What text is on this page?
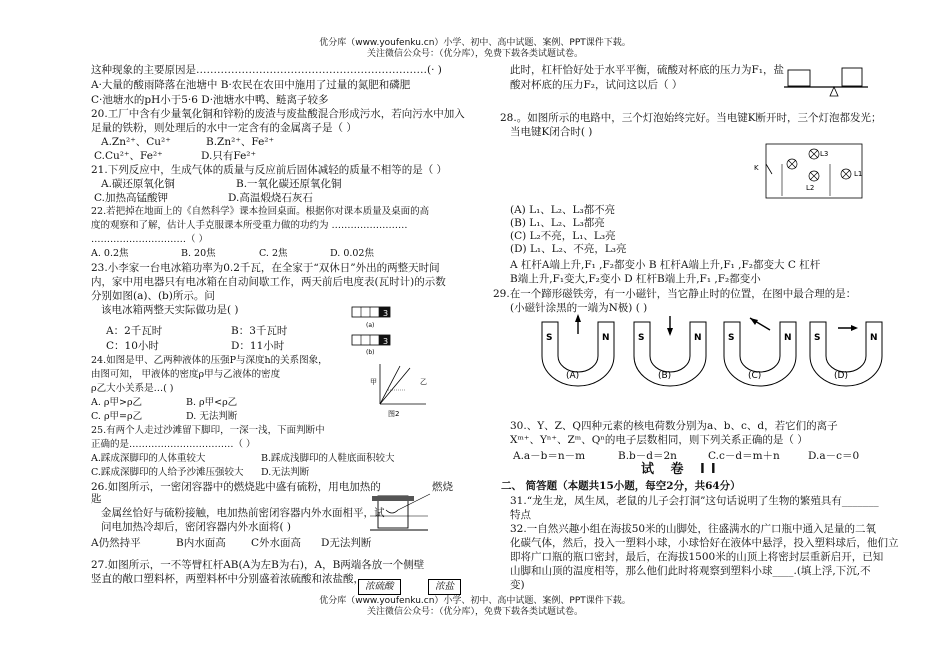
优分库（www.youfenku.cn）小学、初中、高中试题、案例、PPT课件下载。
关注微信公众号：（优分库），免费下载各类试题试卷。
这种现象的主要原因是…………………………………………………………(· )
A·大量的酸雨降落在池塘中 B·农民在农田中施用了过量的氮肥和磷肥
C·池塘水的pH小于5·6 D·池塘水中鸭、鲢离子较多
20.工厂中含有少量氧化铜和锌粉的废渣与废盐酸混合形成污水，若向污水中加入
足量的铁粉，则处理后的水中一定含有的金属离子是（ ）
A.Zn²⁺、Cu²⁺	B.Zn²⁺、Fe²⁺
C.Cu²⁺、Fe²⁺	D.只有Fe²⁺
21.下列反应中，生成气体的质量与反应前后固体减轻的质量不相等的是（ ）
A.碳还原氧化铜	B.一氧化碳还原氧化铜
C.加热高锰酸钾	D.高温煅烧石灰石
22.若把掉在地面上的《自然科学》课本捡回桌面。根据你对课本质量及桌面的高
度的观察和了解，估计人手克服课本所受重力做的功约为 ……………………
…………………………（ ）
A. 0.2焦	B. 20焦	C. 2焦	D. 0.02焦
23.小李家一台电冰箱功率为0.2千瓦，在全家于“双休日”外出的两整天时间
内，家中用电器只有电冰箱在自动间歇工作，两天前后电度表(瓦时计)的示数
分别如图(a)、(b)所示。问
该电冰箱两整天实际做功是( )
A：2千瓦时	B：3千瓦时
C：10小时	D：11小时
3
(a)
3
(b)
24.如图是甲、乙两种液体的压强P与深度h的关系图象，
由图可知， 甲液体的密度ρ甲与乙液体的密度
ρ乙大小关系是…( )
A. ρ甲>ρ乙	B. ρ甲<ρ乙
C. ρ甲=ρ乙	D. 无法判断
甲	乙
图2
25.有两个人走过沙滩留下脚印，一深一浅，下面判断中
正确的是……………………………（ ）
A.踩成深脚印的人体重较大	B.踩成浅脚印的人鞋底面积较大
C.踩成深脚印的人给予沙滩压强较大 D.无法判断
26.如图所示，一密闭容器中的燃烧匙中盛有硫粉，用电加热的
匙
金属丝恰好与硫粉接触，电加热前密闭容器内外水面相平，试
问电加热冷却后，密闭容器内外水面将( )
A仍然持平	B内水面高 C外水面高 D无法判断
燃烧
27.如图所示，一不等臂杠杆AB(A为左B为右)，A，B两端各放一个侧壁
竖直的敞口塑料杯，两塑料杯中分别盛着浓硫酸和浓盐酸，
浓硫酸	浓盐
此时，杠杆恰好处于水平平衡，硫酸对杯底的压力为F₁，盐
酸对杯底的压力F₂，试问这以后（ ）
28.。如图所示的电路中，三个灯泡始终完好。当电键K断开时，三个灯泡都发光；
当电键K闭合时( )
K
L3
L2
L1
(A) L₁、L₂、L₃都不亮
(B) L₁、L₂、L₃都亮
(C) L₂不亮，L₁、L₃亮
(D) L₁、L₂、不亮，L₃亮
A 杠杆A端上升,F₁ ,F₂都变小 B 杠杆A端上升,F₁ ,F₂都变大 C 杠杆
B端上升,F₁变大,F₂变小 D 杠杆B端上升,F₁ ,F₂都变小
29.在一个蹄形磁铁旁，有一小磁针，当它静止时的位置，在图中最合理的是：
(小磁针涂黑的一端为N极) ( )
S	N
(A)
S	N
(B)
S	N
(C)
S	N
(D)
30.、Y、Z、Q四种元素的核电荷数分别为a、b、c、d，若它们的离子
Xᵐ⁺、Yⁿ⁺、Zᵐ、Qⁿ的电子层数相同，则下列关系正确的是（ ）
A.a－b＝n－m	B.b－d＝2n	C.c－d＝m＋n	D.a－c＝0
试 卷 II
二、 简答题（本题共15小题，每空2分，共64分）
31.“龙生龙，凤生凤，老鼠的儿子会打洞”这句话说明了生物的繁殖具有_______
特点
32.一自然兴趣小组在海拔50米的山脚处，往盛满水的广口瓶中通入足量的二氧
化碳气体，然后，投入一塑料小球，小球恰好在液体中悬浮，投入塑料球后，他们立
即将广口瓶的瓶口密封，最后，在海拔1500米的山顶上将密封层重新启开，已知
山脚和山顶的温度相等，那么他们此时将观察到塑料小球____.(填上浮,下沉,不
变)
优分库（www.youfenku.cn）小学、初中、高中试题、案例、PPT课件下载。
关注微信公众号：（优分库），免费下载各类试题试卷。
